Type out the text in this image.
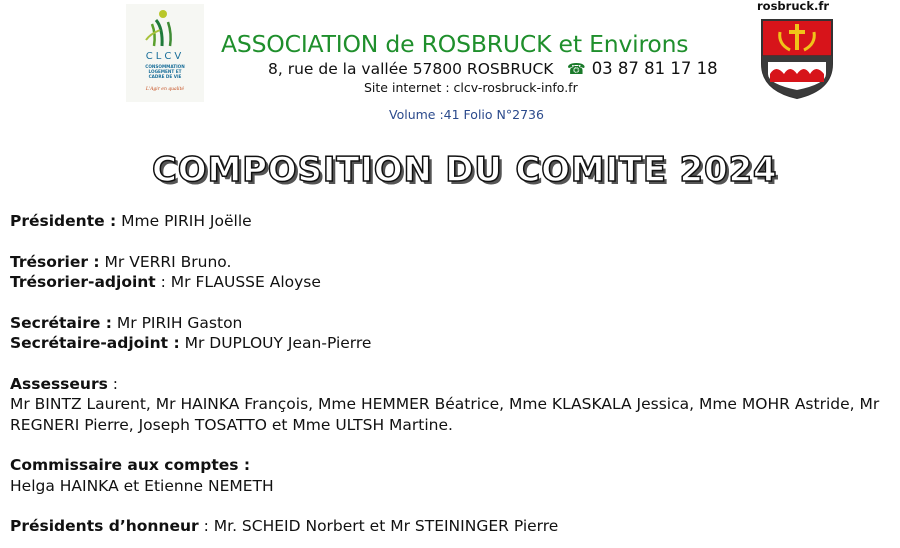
CLCV
CONSOMMATION
LOGEMENT ET
CADRE DE VIE
L'Agir en qualité
ASSOCIATION de ROSBRUCK et Environs
8, rue de la vallée 57800 ROSBRUCK ☎ 03 87 81 17 18
Site internet : clcv-rosbruck-info.fr
rosbruck.fr
Volume :41 Folio N°2736
COMPOSITION DU COMITE 2024
Présidente : Mme PIRIH Joëlle
Trésorier : Mr VERRI Bruno.
Trésorier-adjoint : Mr FLAUSSE Aloyse
Secrétaire : Mr PIRIH Gaston
Secrétaire-adjoint : Mr DUPLOUY Jean-Pierre
Assesseurs :
Mr BINTZ Laurent, Mr HAINKA François, Mme HEMMER Béatrice, Mme KLASKALA Jessica, Mme MOHR Astride, Mr REGNERI Pierre, Joseph TOSATTO et Mme ULTSH Martine.
Commissaire aux comptes :
Helga HAINKA et Etienne NEMETH
Présidents d’honneur : Mr. SCHEID Norbert et Mr STEININGER Pierre
